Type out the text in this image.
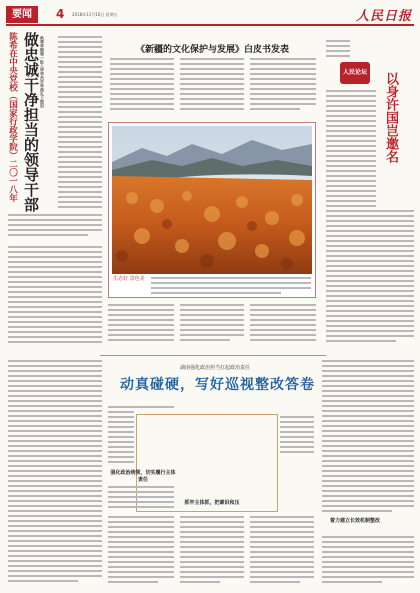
要闻	4 2018年11月16日 星期五	人民日报
陈希在中央党校（国家行政学院）二〇一八年 做忠诚干净担当的领导干部 秋季学期第一批入学学员开学典礼上致训	《新疆的文化保护与发展》白皮书发表
生态好 景色美
人民论坛 以身许国岂邀名
湖南强化政治担当扛起政治责任
动真碰硬，写好巡视整改答卷
强化政治统领，切实履行主体责任
抓牢主体抓，把素识和压
着力建立长效机制整改
